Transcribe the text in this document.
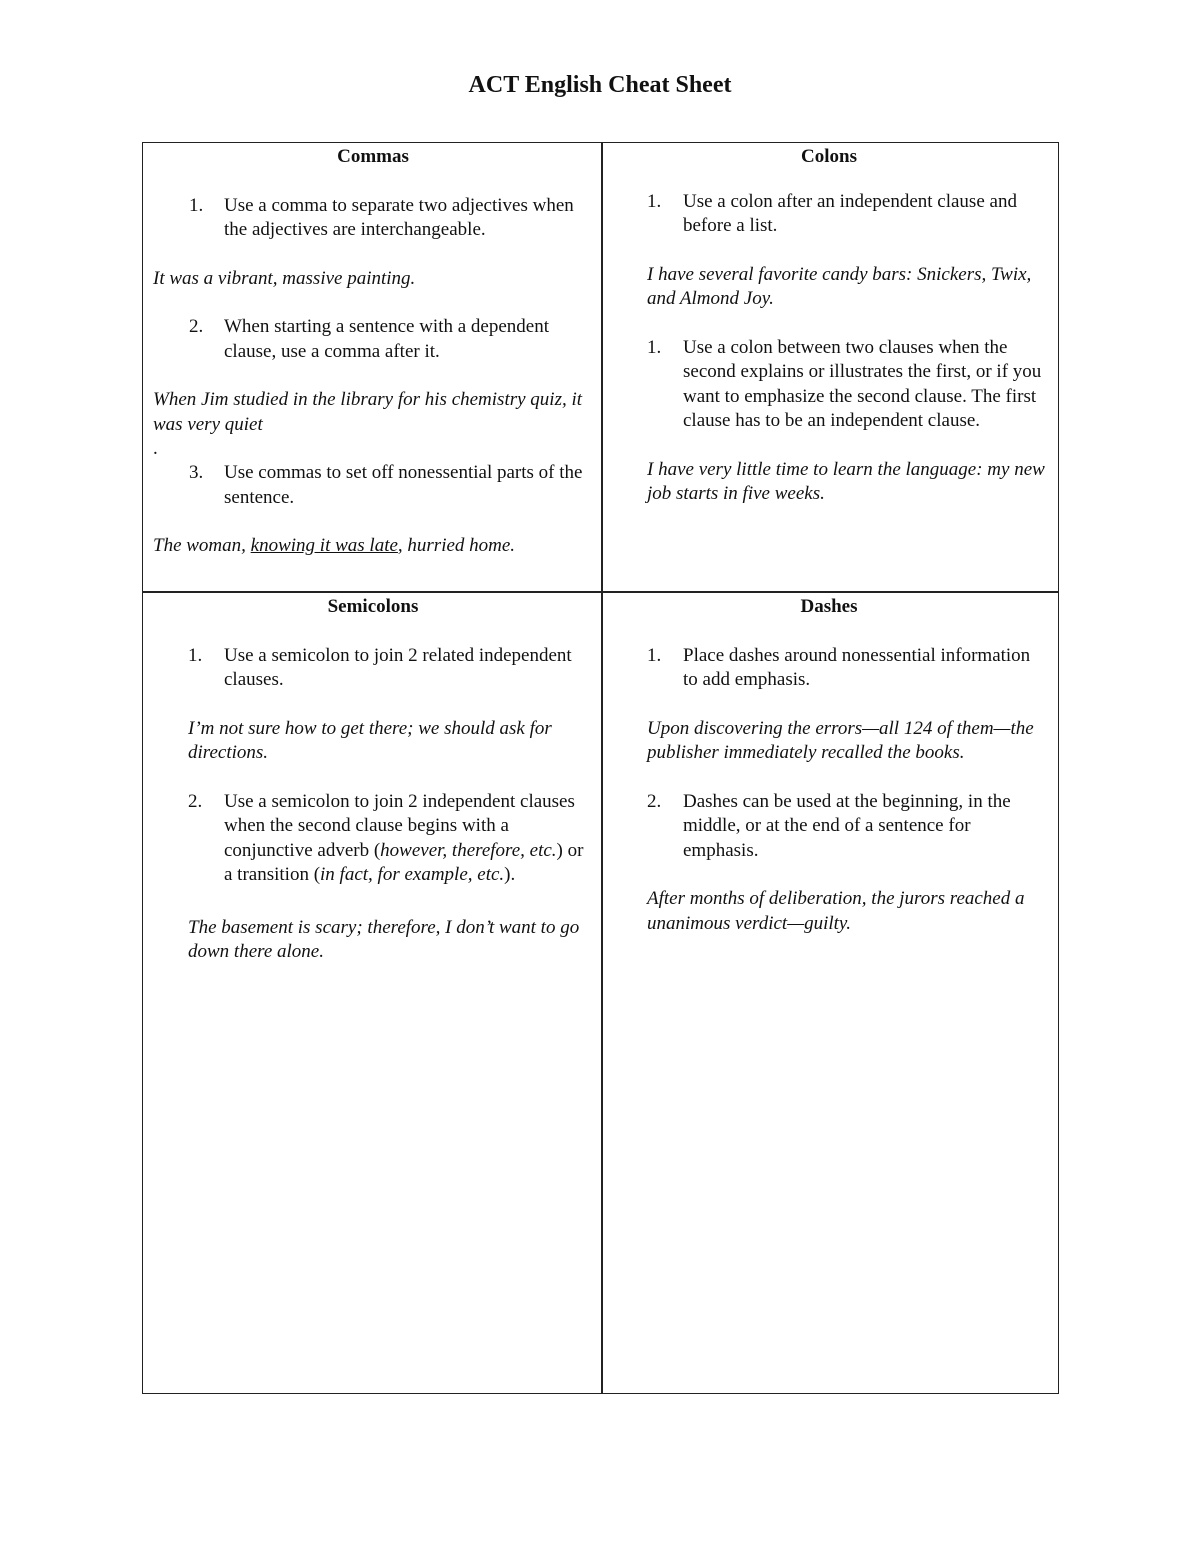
ACT English Cheat Sheet
Commas
1. Use a comma to separate two adjectives when the adjectives are interchangeable.
It was a vibrant, massive painting.
2. When starting a sentence with a dependent clause, use a comma after it.
When Jim studied in the library for his chemistry quiz, it was very quiet
.
3. Use commas to set off nonessential parts of the sentence.
The woman, knowing it was late, hurried home.
Colons
1. Use a colon after an independent clause and before a list.
I have several favorite candy bars: Snickers, Twix, and Almond Joy.
1. Use a colon between two clauses when the second explains or illustrates the first, or if you want to emphasize the second clause. The first clause has to be an independent clause.
I have very little time to learn the language: my new job starts in five weeks.
Semicolons
1. Use a semicolon to join 2 related independent clauses.
I’m not sure how to get there; we should ask for directions.
2. Use a semicolon to join 2 independent clauses when the second clause begins with a conjunctive adverb (however, therefore, etc.) or a transition (in fact, for example, etc.).
The basement is scary; therefore, I don’t want to go down there alone.
Dashes
1. Place dashes around nonessential information to add emphasis.
Upon discovering the errors—all 124 of them—the publisher immediately recalled the books.
2. Dashes can be used at the beginning, in the middle, or at the end of a sentence for emphasis.
After months of deliberation, the jurors reached a unanimous verdict—guilty.
